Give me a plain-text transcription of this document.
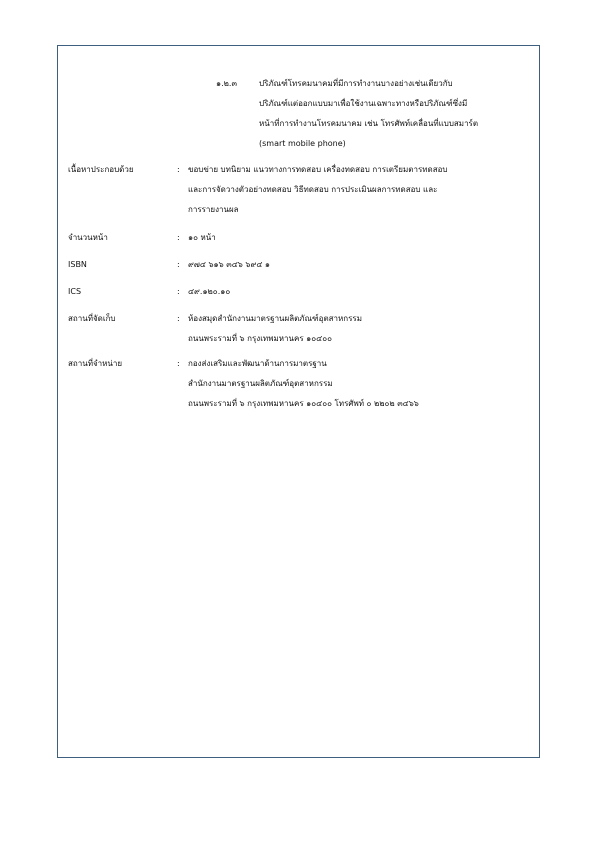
๑.๒.๓	ปริภัณฑ์โทรคมนาคมที่มีการทำงานบางอย่างเช่นเดียวกับ
ปริภัณฑ์แต่ออกแบบมาเพื่อใช้งานเฉพาะทางหรือปริภัณฑ์ซึ่งมี
หน้าที่การทำงานโทรคมนาคม เช่น โทรศัพท์เคลื่อนที่แบบสมาร์ต
(smart mobile phone)
เนื้อหาประกอบด้วย	: ขอบข่าย บทนิยาม แนวทางการทดสอบ เครื่องทดสอบ การเตรียมตารทดสอบ
และการจัดวางตัวอย่างทดสอบ วิธีทดสอบ การประเมินผลการทดสอบ และ
การรายงานผล
จำนวนหน้า	: ๑๐ หน้า
ISBN	: ๙๗๔ ๖๑๖ ๓๔๖ ๖๙๔ ๑
ICS	: ๔๙.๑๒๐.๑๐
สถานที่จัดเก็บ	: ห้องสมุดสำนักงานมาตรฐานผลิตภัณฑ์อุตสาหกรรม
ถนนพระรามที่ ๖ กรุงเทพมหานคร ๑๐๔๐๐
สถานที่จำหน่าย	: กองส่งเสริมและพัฒนาด้านการมาตรฐาน
สำนักงานมาตรฐานผลิตภัณฑ์อุตสาหกรรม
ถนนพระรามที่ ๖ กรุงเทพมหานคร ๑๐๔๐๐ โทรศัพท์ ๐ ๒๒๐๒ ๓๔๖๖
